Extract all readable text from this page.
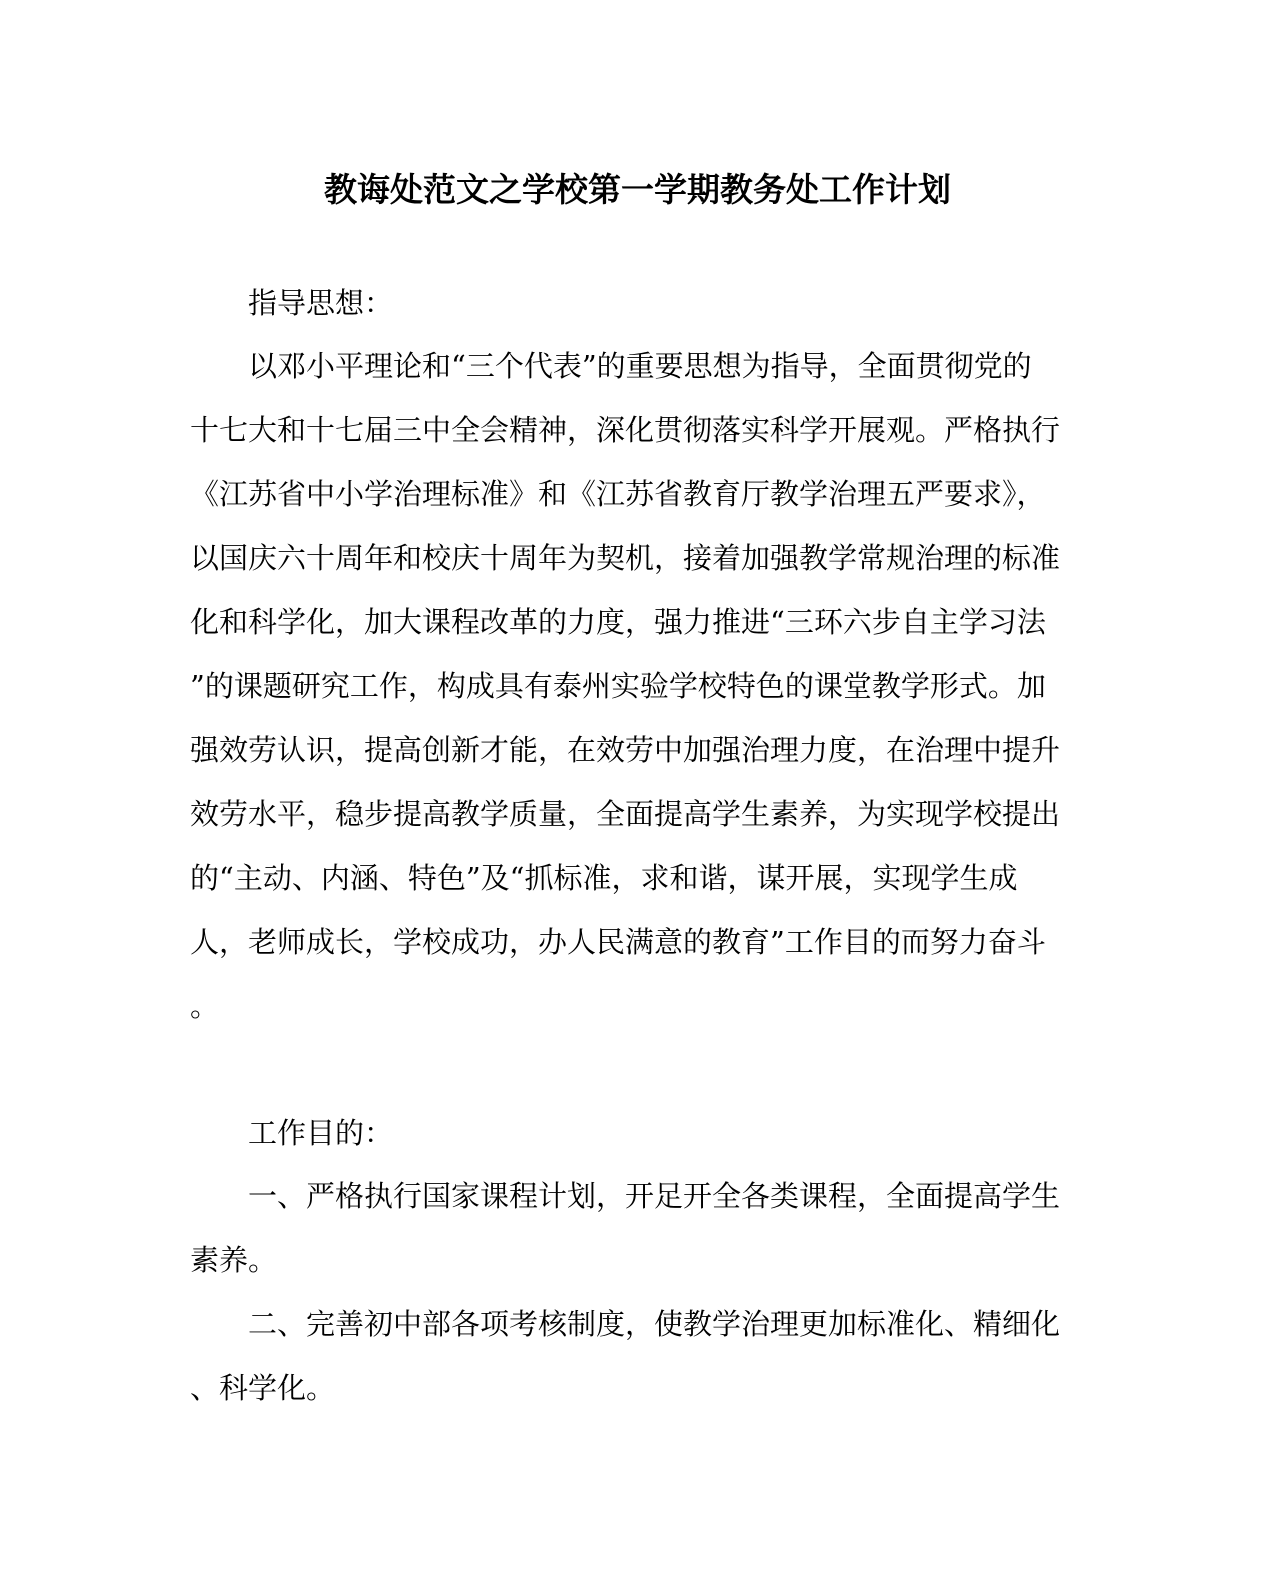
教诲处范文之学校第一学期教务处工作计划
指导思想：
以邓小平理论和“三个代表”的重要思想为指导，全面贯彻党的
十七大和十七届三中全会精神，深化贯彻落实科学开展观。严格执行
《江苏省中小学治理标准》和《江苏省教育厅教学治理五严要求》，
以国庆六十周年和校庆十周年为契机，接着加强教学常规治理的标准
化和科学化，加大课程改革的力度，强力推进“三环六步自主学习法
”的课题研究工作，构成具有泰州实验学校特色的课堂教学形式。加
强效劳认识，提高创新才能，在效劳中加强治理力度，在治理中提升
效劳水平，稳步提高教学质量，全面提高学生素养，为实现学校提出
的“主动、内涵、特色”及“抓标准，求和谐，谋开展，实现学生成
人，老师成长，学校成功，办人民满意的教育”工作目的而努力奋斗
。
工作目的：
一、严格执行国家课程计划，开足开全各类课程，全面提高学生
素养。
二、完善初中部各项考核制度，使教学治理更加标准化、精细化
、科学化。
